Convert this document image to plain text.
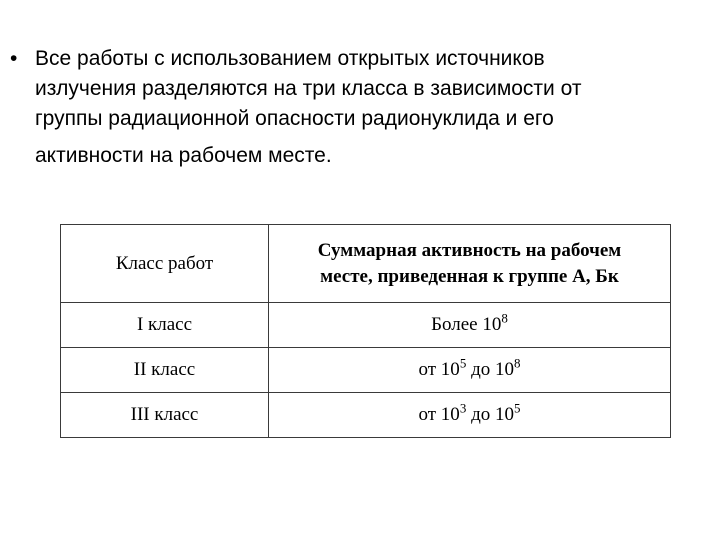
• Все работы с использованием открытых источников
излучения разделяются на три класса в зависимости от
группы радиационной опасности радионуклида и его
активности на рабочем месте.
Класс работ	Суммарная активность на рабочем
месте, приведенная к группе А, Бк
I класс	Более $10^8$
II класс	от $10^5$ до $10^8$
III класс	от $10^3$ до $10^5$
